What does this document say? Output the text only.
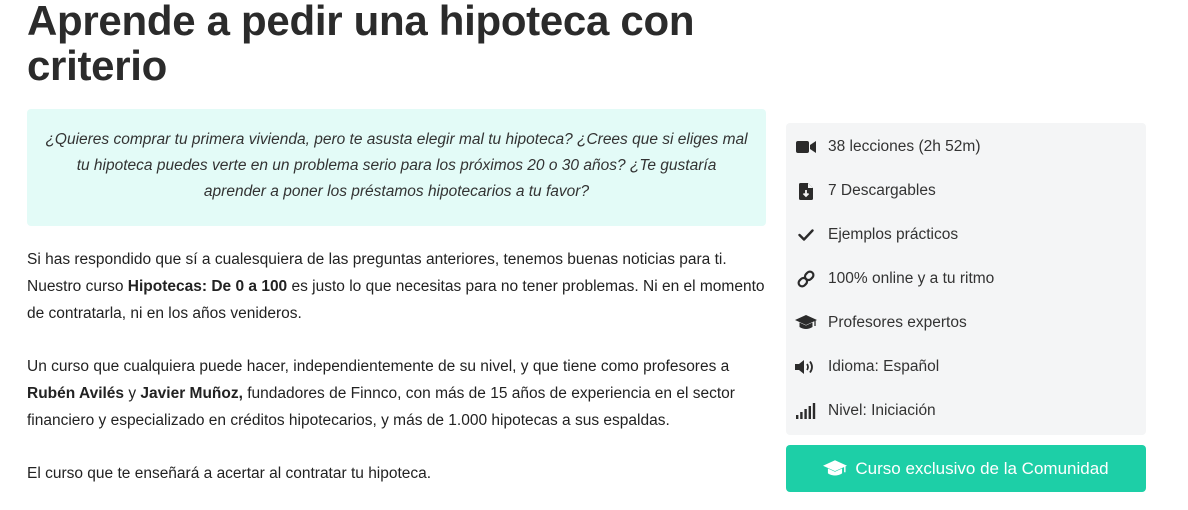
Aprende a pedir una hipoteca con criterio
¿Quieres comprar tu primera vivienda, pero te asusta elegir mal tu hipoteca? ¿Crees que si eliges mal tu hipoteca puedes verte en un problema serio para los próximos 20 o 30 años? ¿Te gustaría aprender a poner los préstamos hipotecarios a tu favor?

Si has respondido que sí a cualesquiera de las preguntas anteriores, tenemos buenas noticias para ti. Nuestro curso Hipotecas: De 0 a 100 es justo lo que necesitas para no tener problemas. Ni en el momento de contratarla, ni en los años venideros.

Un curso que cualquiera puede hacer, independientemente de su nivel, y que tiene como profesores a Rubén Avilés y Javier Muñoz, fundadores de Finnco, con más de 15 años de experiencia en el sector financiero y especializado en créditos hipotecarios, y más de 1.000 hipotecas a sus espaldas.

El curso que te enseñará a acertar al contratar tu hipoteca.

38 lecciones (2h 52m)
7 Descargables
Ejemplos prácticos
100% online y a tu ritmo
Profesores expertos
Idioma: Español
Nivel: Iniciación
Curso exclusivo de la Comunidad
